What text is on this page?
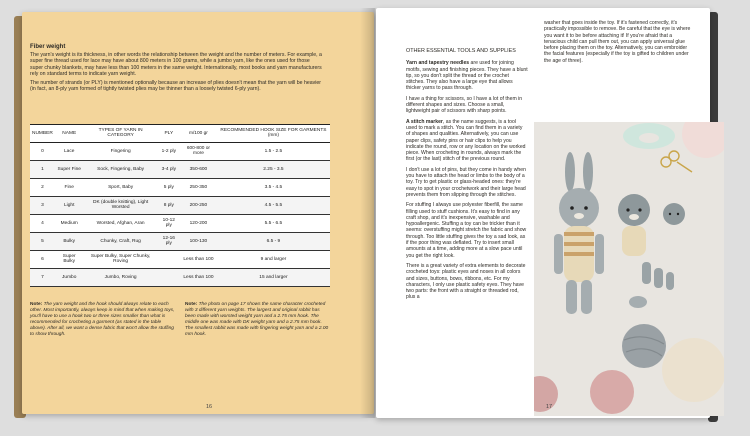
Fiber weight

The yarn's weight is its thickness, in other words the relationship between the weight and the number of meters. For example, a super fine thread used for lace may have about 800 meters in 100 grams, while a jumbo yarn, like the ones used for those super chunky blankets, may have less than 100 meters in the same weight. Internationally, most books and yarn manufacturers rely on standard terms to indicate yarn weight.

The number of strands (or PLY) is mentioned optionally because an increase of plies doesn't mean that the yarn will be heavier (in fact, an 8-ply yarn formed of tightly twisted plies may be thinner than a loosely twisted 6-ply yarn).

NUMBER	NAME	TYPES OF YARN IN CATEGORY	PLY	m/100 gr	RECOMMENDED HOOK SIZE FOR GARMENTS (mm)
0	Lace	Fingering	1-2 ply	600-800 or more	1.5 - 2.5
1	Super Fine	Sock, Fingering, Baby	3-4 ply	350-600	2.25 - 3.5
2	Fine	Sport, Baby	5 ply	250-350	3.5 - 4.5
3	Light	DK (double knitting), Light Worsted	8 ply	200-250	4.5 - 5.5
4	Medium	Worsted, Afghan, Aran	10-12 ply	120-200	5.5 - 6.5
5	Bulky	Chunky, Craft, Rug	12-16 ply	100-130	6.5 - 9
6	Super Bulky	Super Bulky, Super Chunky, Roving		Less than 100	9 and larger
7	Jumbo	Jumbo, Roving		Less than 100	15 and larger
Note: The yarn weight and the hook should always relate to each other. Most importantly, always keep in mind that when making toys, you'll have to use a hook two or three sizes smaller than what is recommended for crocheting a garment (as stated in the table above). After all, we want a dense fabric that won't allow the stuffing to show through.
Note: The photo on page 17 shows the same character crocheted with 3 different yarn weights. The largest and original rabbit has been made with worsted weight yarn and a 2.75 mm hook. The middle one was made with DK weight yarn and a 2.75 mm hook. The smallest rabbit was made with fingering weight yarn and a 2.00 mm hook.
16

OTHER ESSENTIAL TOOLS AND SUPPLIES

Yarn and tapestry needles are used for joining motifs, sewing and finishing pieces. They have a blunt tip, so you don't split the thread or the crochet stitches. They also have a large eye that allows thicker yarns to pass through.

I have a thing for scissors, so I have a lot of them in different shapes and sizes. Choose a small, lightweight pair of scissors with sharp points.

A stitch marker, as the name suggests, is a tool used to mark a stitch. You can find them in a variety of shapes and qualities. Alternatively, you can use paper clips, safety pins or hair clips to help you indicate the round, row or any location on the worked piece. When crocheting in rounds, always mark the first (or the last) stitch of the previous round.

I don't use a lot of pins, but they come in handy when you have to attach the head or limbs to the body of a toy. Try to get plastic or glass-headed ones: they're easy to spot in your crochetwork and their large head prevents them from slipping through the stitches.

For stuffing I always use polyester fiberfill, the same filling used to stuff cushions. It's easy to find in any craft shop, and it's inexpensive, washable and hypoallergenic. Stuffing a toy can be trickier than it seems: overstuffing might stretch the fabric and show through. Too little stuffing gives the toy a sad look, as if the poor thing was deflated. Try to insert small amounts at a time, adding more at a slow pace until you get the right look.

There is a great variety of extra elements to decorate crocheted toys: plastic eyes and noses in all colors and sizes, buttons, bows, ribbons, etc. For my characters, I only use plastic safety eyes. They have two parts: the front with a straight or threaded rod, plus a

washer that goes inside the toy. If it's fastened correctly, it's practically impossible to remove. Be careful that the eye is where you want it to be before attaching it! If you're afraid that a tenacious child can pull them out, you can apply universal glue before placing them on the toy. Alternatively, you can embroider the facial features (especially if the toy is gifted to children under the age of three).

17
